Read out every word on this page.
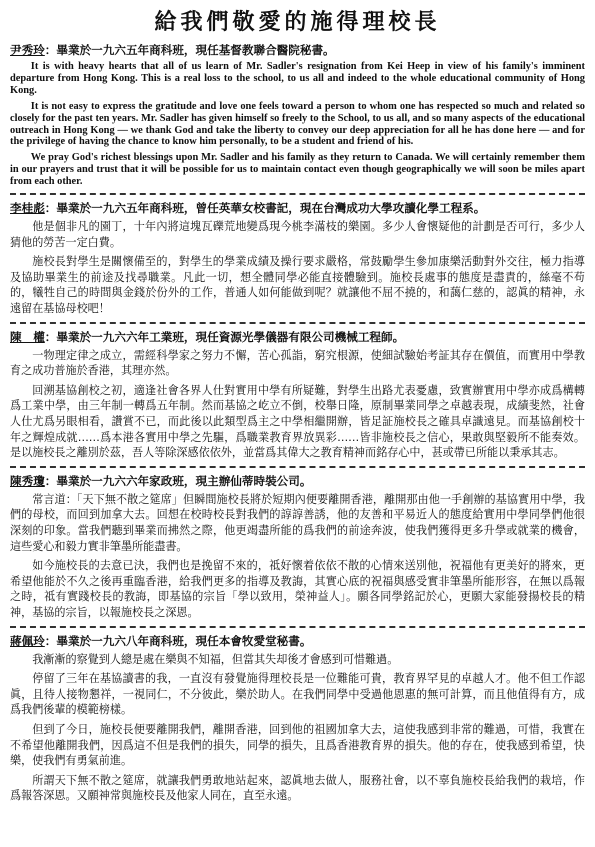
給我們敬愛的施得理校長
尹秀玲：畢業於一九六五年商科班，現任基督教聯合醫院秘書。

It is with heavy hearts that all of us learn of Mr. Sadler's resignation from Kei Heep in view of his family's imminent departure from Hong Kong. This is a real loss to the school, to us all and indeed to the whole educational community of Hong Kong.

It is not easy to express the gratitude and love one feels toward a person to whom one has respected so much and related so closely for the past ten years. Mr. Sadler has given himself so freely to the School, to us all, and so many aspects of the educational outreach in Hong Kong — we thank God and take the liberty to convey our deep appreciation for all he has done here — and for the privilege of having the chance to know him personally, to be a student and friend of his.

We pray God's richest blessings upon Mr. Sadler and his family as they return to Canada. We will certainly remember them in our prayers and trust that it will be possible for us to maintain contact even though geographically we will soon be miles apart from each other.

李桂彪：畢業於一九六五年商科班，曾任英華女校書記，現在台灣成功大學攻讀化學工程系。

他是個非凡的園丁，十年內將這塊瓦礫荒地變爲現今桃李滿枝的樂園。多少人會懷疑他的計劃是否可行，多少人猜他的勞苦一定白費。

施校長對學生是關懷備至的，對學生的學業成績及操行要求嚴格，常鼓勵學生參加康樂活動對外交往，極力指導及協助畢業生的前途及找尋職業。凡此一切，想全體同學必能直接體驗到。施校長處事的態度是盡責的，絲毫不苟的，犧牲自己的時間與金錢於份外的工作，普通人如何能做到呢？就讓他不屈不撓的，和藹仁慈的，認眞的精神，永遠留在基協母校吧！

陳　權：畢業於一九六六年工業班，現任資源光學儀器有限公司機械工程師。

一物理定律之成立，需經科學家之努力不懈，苦心孤詣，窮究根源，使細試驗始考証其存在價值，而實用中學教育之成功普施於香港，其理亦然。

回溯基協創校之初，適逢社會各界人仕對實用中學有所疑難，對學生出路尤表憂慮，致實辦實用中學亦成爲構轉爲工業中學，由三年制一轉爲五年制。然而基協之屹立不倒，校舉日隆，原制畢業同學之卓越表現，成績斐然，社會人仕尤爲另眼相看，讚賞不已，而此後以此類型爲主之中學相繼開辦，皆足証施校長之確具卓識遠見。而基協創校十年之輝煌成就……爲本港各實用中學之先驅，爲職業教育界放異彩……皆非施校長之信心，果敢與堅毅所不能奏效。是以施校長之離別於茲，吾人等除深感依依外，並當爲其偉大之教育精神而銘存心中，甚或帶已所能以秉承其志。

陳秀瓊：畢業於一九六六年家政班，現主辦仙蒂時裝公司。

常言道：「天下無不散之筵席」但瞬間施校長將於短期內便要離開香港，離開那由他一手創辦的基協實用中學，我們的母校，而回到加拿大去。回想在校時校長對我們的諄諄善誘，他的友善和平易近人的態度給實用中學同學們他很深刻的印象。當我們聽到畢業而拂然之際，他更竭盡所能的爲我們的前途奔波，使我們獲得更多升學或就業的機會，這些愛心和毅力實非筆墨所能盡書。

如今施校長的去意已決，我們也是挽留不來的，祗好懷着依依不散的心情來送別他，祝福他有更美好的將來，更希望他能於不久之後再重臨香港，給我們更多的指導及教誨，其實心底的祝福與感受實非筆墨所能形容，在無以爲報之時，祗有實踐校長的教誨，即基協的宗旨「學以致用，榮神益人」。願各同學銘記於心，更願大家能發揚校長的精神，基協的宗旨，以報施校長之深恩。

蔣佩玲：畢業於一九六八年商科班，現任本會牧愛堂秘書。

我漸漸的察覺到人總是處在樂與不知福，但當其失却後才會感到可惜難過。

停留了三年在基協讀書的我，一直沒有發覺施得理校長是一位難能可貴，教育界罕見的卓越人才。他不但工作認眞，且待人接物懇祥，一視同仁，不分彼此，樂於助人。在我們同學中受過他恩惠的無可計算，而且他值得有方，成爲我們後輩的模範榜樣。

但到了今日，施校長便要離開我們，離開香港，回到他的祖國加拿大去，這使我感到非常的難過，可惜，我實在不希望他離開我們，因爲這不但是我們的損失，同學的損失，且爲香港教育界的損失。他的存在，使我感到希望，快樂，使我們有勇氣前進。

所謂天下無不散之筵席，就讓我們勇敢地站起來，認眞地去做人，服務社會，以不辜負施校長給我們的栽培，作爲報答深恩。又願神常與施校長及他家人同在，直至永遠。
